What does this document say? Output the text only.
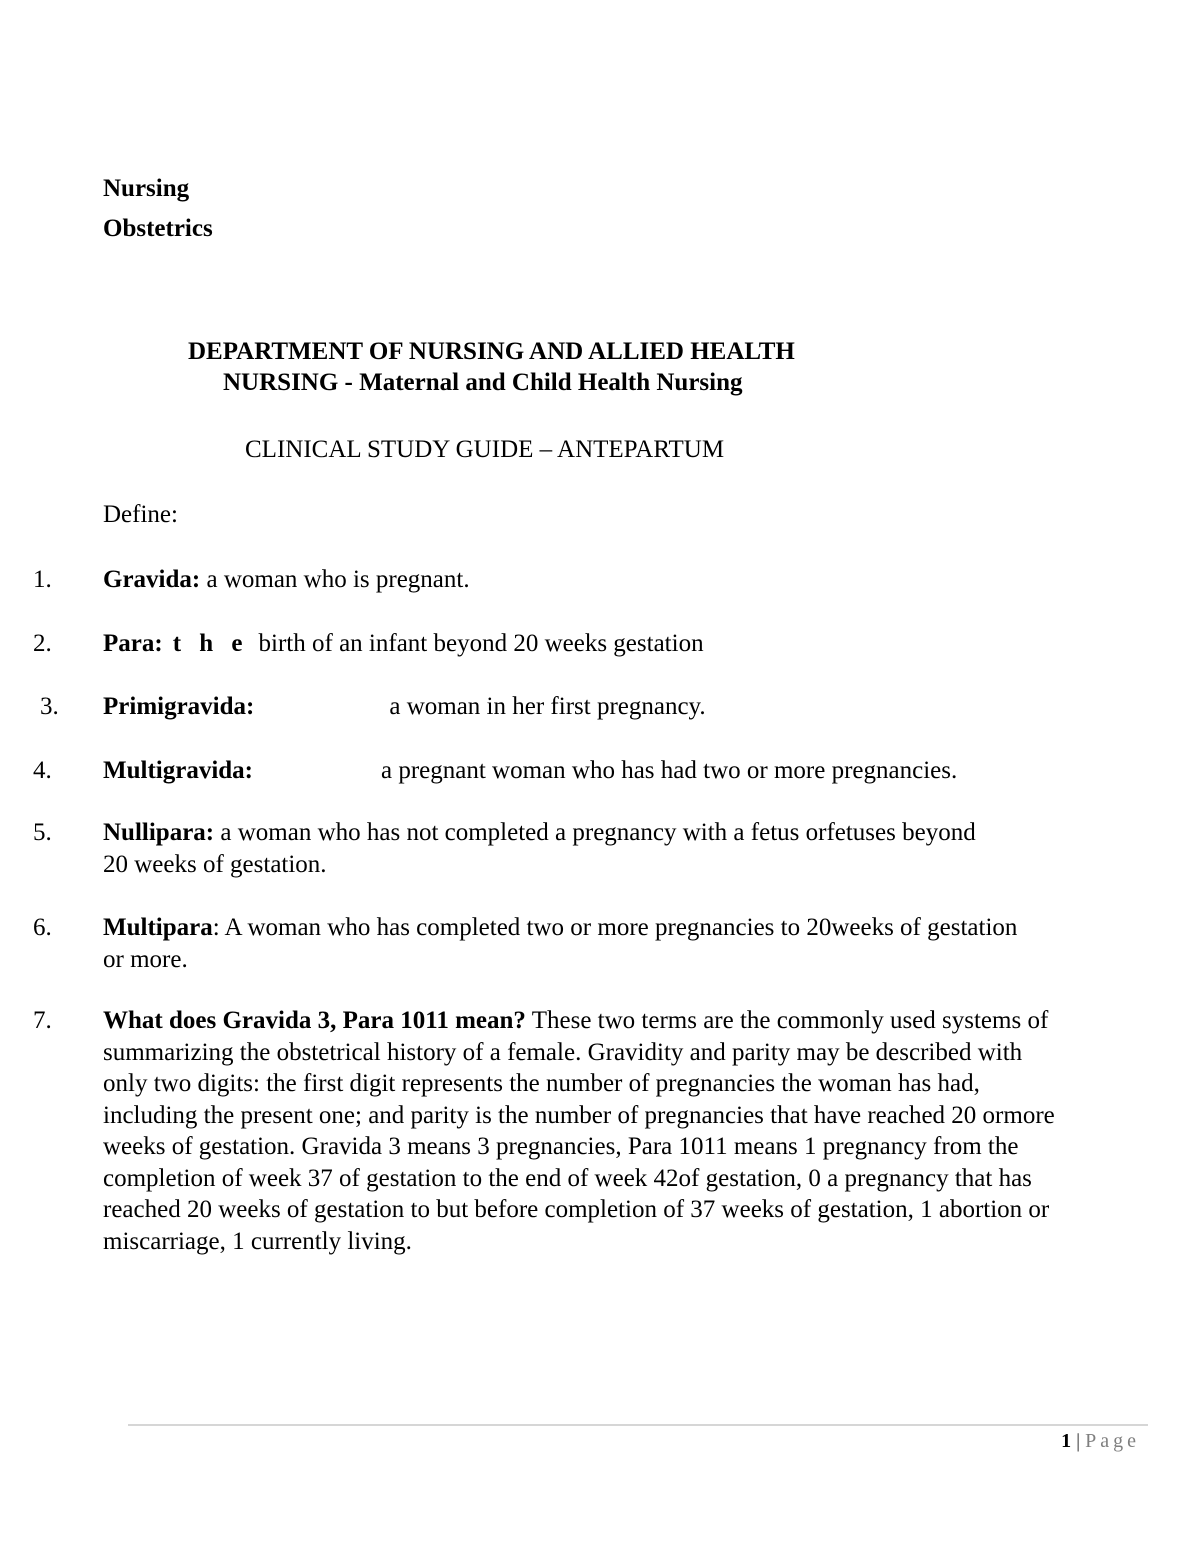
Nursing
Obstetrics
DEPARTMENT OF NURSING AND ALLIED HEALTH
NURSING - Maternal and Child Health Nursing
CLINICAL STUDY GUIDE – ANTEPARTUM
Define:
1. Gravida: a woman who is pregnant.
2. Para: t h e birth of an infant beyond 20 weeks gestation
3. Primigravida:	a woman in her first pregnancy.
4. Multigravida:	a pregnant woman who has had two or more pregnancies.
5. Nullipara: a woman who has not completed a pregnancy with a fetus orfetuses beyond 20 weeks of gestation.
6. Multipara: A woman who has completed two or more pregnancies to 20weeks of gestation or more.
7. What does Gravida 3, Para 1011 mean? These two terms are the commonly used systems of summarizing the obstetrical history of a female. Gravidity and parity may be described with only two digits: the first digit represents the number of pregnancies the woman has had, including the present one; and parity is the number of pregnancies that have reached 20 ormore weeks of gestation. Gravida 3 means 3 pregnancies, Para 1011 means 1 pregnancy from the completion of week 37 of gestation to the end of week 42of gestation, 0 a pregnancy that has reached 20 weeks of gestation to but before completion of 37 weeks of gestation, 1 abortion or miscarriage, 1 currently living.
1 | Page
